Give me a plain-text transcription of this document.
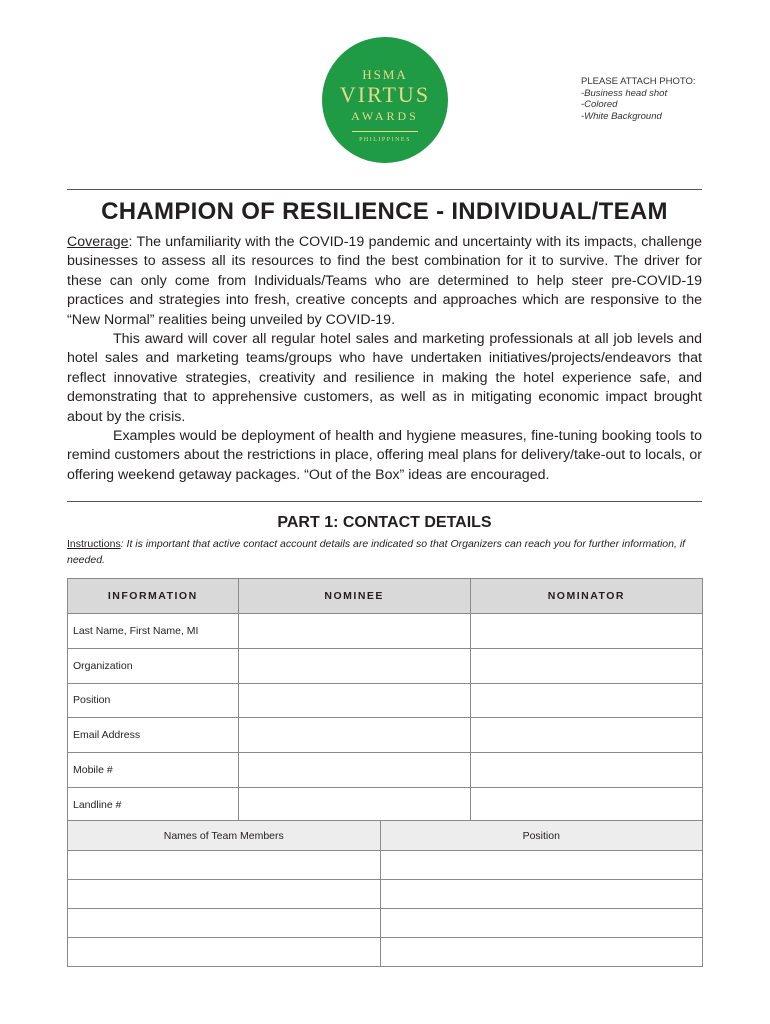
HSMA
VIRTUS
AWARDS
PHILIPPINES
PLEASE ATTACH PHOTO:
-Business head shot
-Colored
-White Background
CHAMPION OF RESILIENCE - INDIVIDUAL/TEAM

Coverage: The unfamiliarity with the COVID-19 pandemic and uncertainty with its impacts, challenge businesses to assess all its resources to find the best combination for it to survive. The driver for these can only come from Individuals/Teams who are determined to help steer pre-COVID-19 practices and strategies into fresh, creative concepts and approaches which are responsive to the “New Normal” realities being unveiled by COVID-19.

This award will cover all regular hotel sales and marketing professionals at all job levels and hotel sales and marketing teams/groups who have undertaken initiatives/projects/endeavors that reflect innovative strategies, creativity and resilience in making the hotel experience safe, and demonstrating that to apprehensive customers, as well as in mitigating economic impact brought about by the crisis.

Examples would be deployment of health and hygiene measures, fine-tuning booking tools to remind customers about the restrictions in place, offering meal plans for delivery/take-out to locals, or offering weekend getaway packages. “Out of the Box” ideas are encouraged.

PART 1: CONTACT DETAILS
Instructions: It is important that active contact account details are indicated so that Organizers can reach you for further information, if needed.
INFORMATION	NOMINEE	NOMINATOR
Last Name, First Name, MI		
Organization		
Position		
Email Address		
Mobile #		
Landline #		
Names of Team Members	Position
